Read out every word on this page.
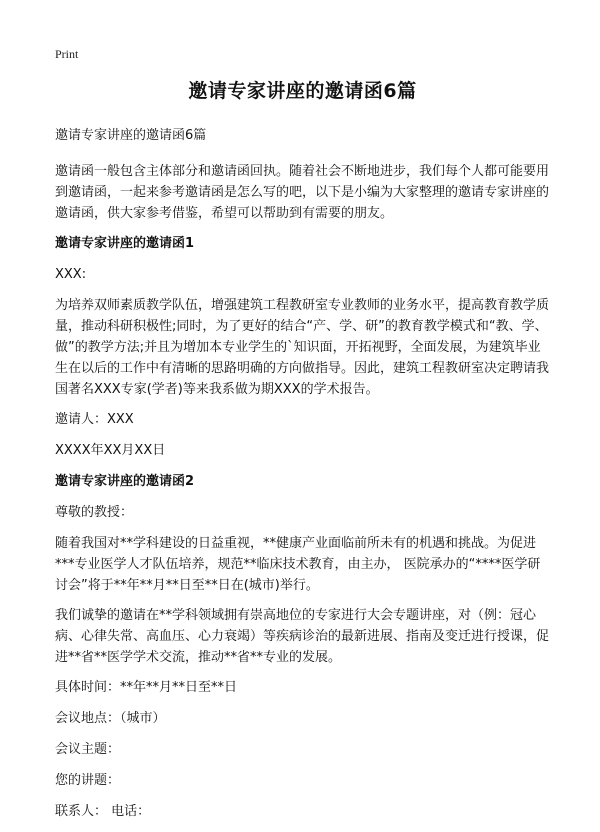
Print
邀请专家讲座的邀请函6篇
邀请专家讲座的邀请函6篇
邀请函一般包含主体部分和邀请函回执。随着社会不断地进步，我们每个人都可能要用到邀请函，一起来参考邀请函是怎么写的吧，以下是小编为大家整理的邀请专家讲座的邀请函，供大家参考借鉴，希望可以帮助到有需要的朋友。
邀请专家讲座的邀请函1
XXX:
为培养双师素质教学队伍，增强建筑工程教研室专业教师的业务水平，提高教育教学质量，推动科研积极性;同时，为了更好的结合“产、学、研”的教育教学模式和“教、学、做”的教学方法;并且为增加本专业学生的`知识面，开拓视野，全面发展，为建筑毕业生在以后的工作中有清晰的思路明确的方向做指导。因此，建筑工程教研室决定聘请我国著名XXX专家(学者)等来我系做为期XXX的学术报告。
邀请人：XXX
XXXX年XX月XX日
邀请专家讲座的邀请函2
尊敬的教授：
随着我国对**学科建设的日益重视，**健康产业面临前所未有的机遇和挑战。为促进***专业医学人才队伍培养，规范**临床技术教育，由主办， 医院承办的“****医学研讨会”将于**年**月**日至**日在(城市)举行。
我们诚挚的邀请在**学科领域拥有崇高地位的专家进行大会专题讲座，对（例：冠心病、心律失常、高血压、心力衰竭）等疾病诊治的最新进展、指南及变迁进行授课，促进**省**医学学术交流，推动**省**专业的发展。
具体时间：**年**月**日至**日
会议地点：（城市）
会议主题：
您的讲题：
联系人： 电话：
